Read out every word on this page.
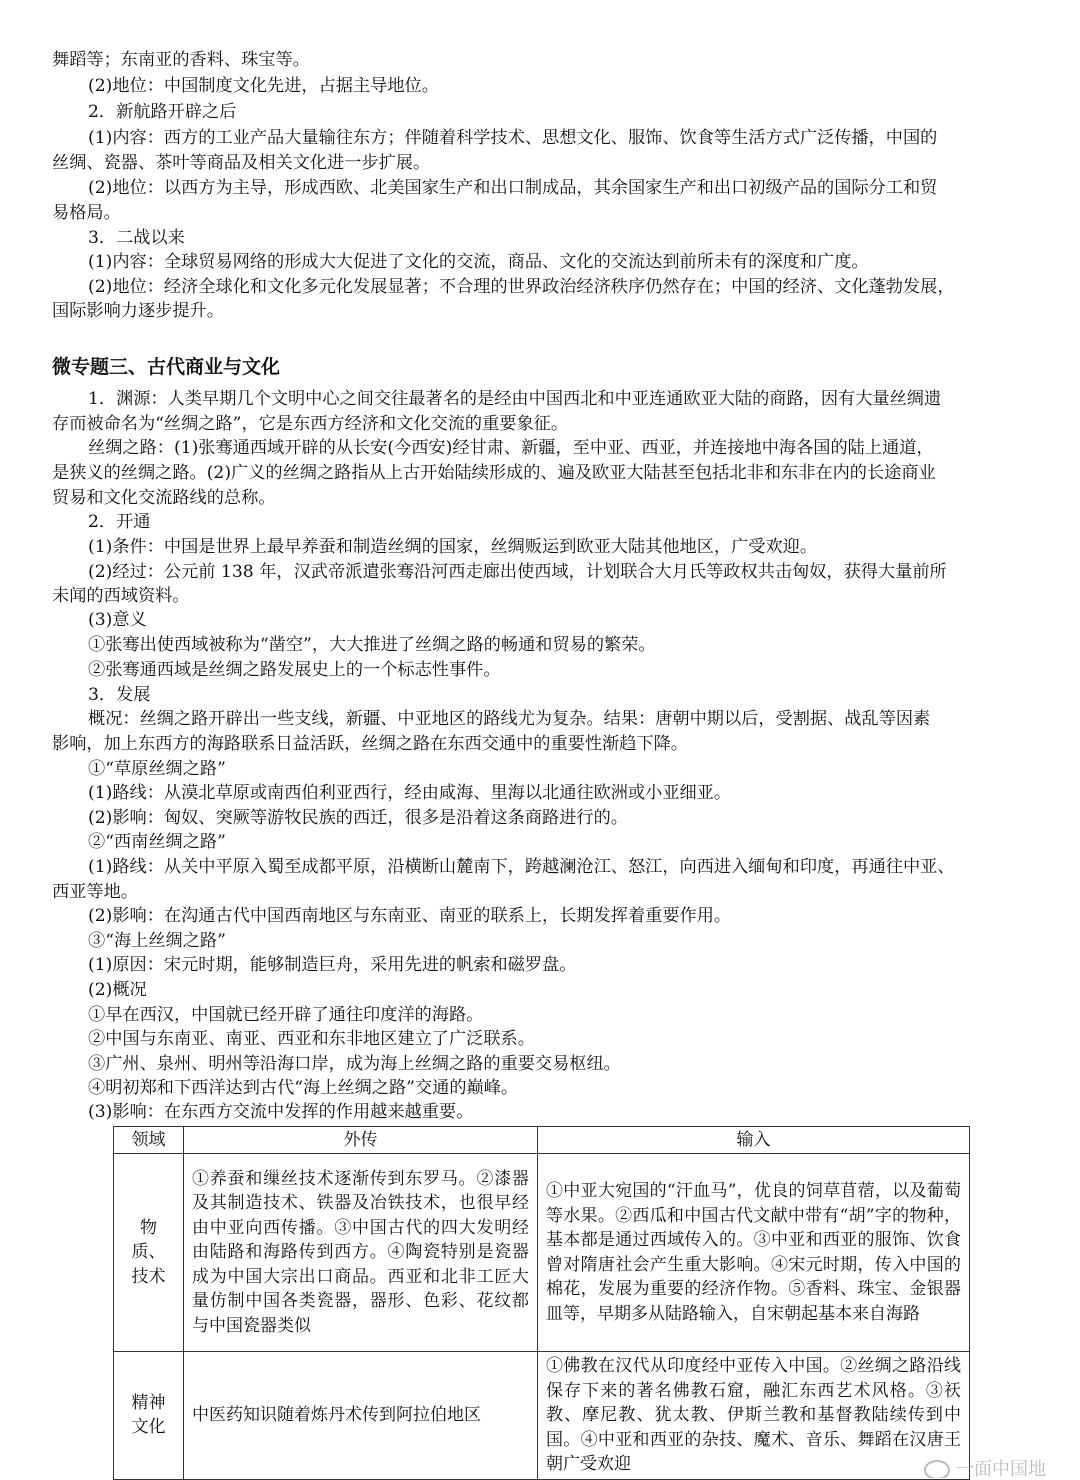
舞蹈等；东南亚的香料、珠宝等。
(2)地位：中国制度文化先进，占据主导地位。
2．新航路开辟之后
(1)内容：西方的工业产品大量输往东方；伴随着科学技术、思想文化、服饰、饮食等生活方式广泛传播，中国的
丝绸、瓷器、茶叶等商品及相关文化进一步扩展。
(2)地位：以西方为主导，形成西欧、北美国家生产和出口制成品，其余国家生产和出口初级产品的国际分工和贸
易格局。
3．二战以来
(1)内容：全球贸易网络的形成大大促进了文化的交流，商品、文化的交流达到前所未有的深度和广度。
(2)地位：经济全球化和文化多元化发展显著；不合理的世界政治经济秩序仍然存在；中国的经济、文化蓬勃发展，
国际影响力逐步提升。
微专题三、古代商业与文化
1．渊源：人类早期几个文明中心之间交往最著名的是经由中国西北和中亚连通欧亚大陆的商路，因有大量丝绸遗
存而被命名为“丝绸之路”，它是东西方经济和文化交流的重要象征。
丝绸之路：(1)张骞通西域开辟的从长安(今西安)经甘肃、新疆，至中亚、西亚，并连接地中海各国的陆上通道，
是狭义的丝绸之路。(2)广义的丝绸之路指从上古开始陆续形成的、遍及欧亚大陆甚至包括北非和东非在内的长途商业
贸易和文化交流路线的总称。
2．开通
(1)条件：中国是世界上最早养蚕和制造丝绸的国家，丝绸贩运到欧亚大陆其他地区，广受欢迎。
(2)经过：公元前 138 年，汉武帝派遣张骞沿河西走廊出使西域，计划联合大月氏等政权共击匈奴，获得大量前所
未闻的西域资料。
(3)意义
①张骞出使西域被称为“凿空”，大大推进了丝绸之路的畅通和贸易的繁荣。
②张骞通西域是丝绸之路发展史上的一个标志性事件。
3．发展
概况：丝绸之路开辟出一些支线，新疆、中亚地区的路线尤为复杂。结果：唐朝中期以后，受割据、战乱等因素
影响，加上东西方的海路联系日益活跃，丝绸之路在东西交通中的重要性渐趋下降。
①“草原丝绸之路”
(1)路线：从漠北草原或南西伯利亚西行，经由咸海、里海以北通往欧洲或小亚细亚。
(2)影响：匈奴、突厥等游牧民族的西迁，很多是沿着这条商路进行的。
②“西南丝绸之路”
(1)路线：从关中平原入蜀至成都平原，沿横断山麓南下，跨越澜沧江、怒江，向西进入缅甸和印度，再通往中亚、
西亚等地。
(2)影响：在沟通古代中国西南地区与东南亚、南亚的联系上，长期发挥着重要作用。
③“海上丝绸之路”
(1)原因：宋元时期，能够制造巨舟，采用先进的帆索和磁罗盘。
(2)概况
①早在西汉，中国就已经开辟了通往印度洋的海路。
②中国与东南亚、南亚、西亚和东非地区建立了广泛联系。
③广州、泉州、明州等沿海口岸，成为海上丝绸之路的重要交易枢纽。
④明初郑和下西洋达到古代“海上丝绸之路”交通的巅峰。
(3)影响：在东西方交流中发挥的作用越来越重要。
领域	外传	输入
物质、技术	①养蚕和缫丝技术逐渐传到东罗马。②漆器及其制造技术、铁器及冶铁技术，也很早经由中亚向西传播。③中国古代的四大发明经由陆路和海路传到西方。④陶瓷特别是瓷器成为中国大宗出口商品。西亚和北非工匠大量仿制中国各类瓷器，器形、色彩、花纹都与中国瓷器类似	①中亚大宛国的“汗血马”，优良的饲草苜蓿，以及葡萄等水果。②西瓜和中国古代文献中带有“胡”字的物种，基本都是通过西域传入的。③中亚和西亚的服饰、饮食曾对隋唐社会产生重大影响。④宋元时期，传入中国的棉花，发展为重要的经济作物。⑤香料、珠宝、金银器皿等，早期多从陆路输入，自宋朝起基本来自海路
精神文化	中医药知识随着炼丹术传到阿拉伯地区	①佛教在汉代从印度经中亚传入中国。②丝绸之路沿线保存下来的著名佛教石窟，融汇东西艺术风格。③祆教、摩尼教、犹太教、伊斯兰教和基督教陆续传到中国。④中亚和西亚的杂技、魔术、音乐、舞蹈在汉唐王朝广受欢迎	一面中国地
